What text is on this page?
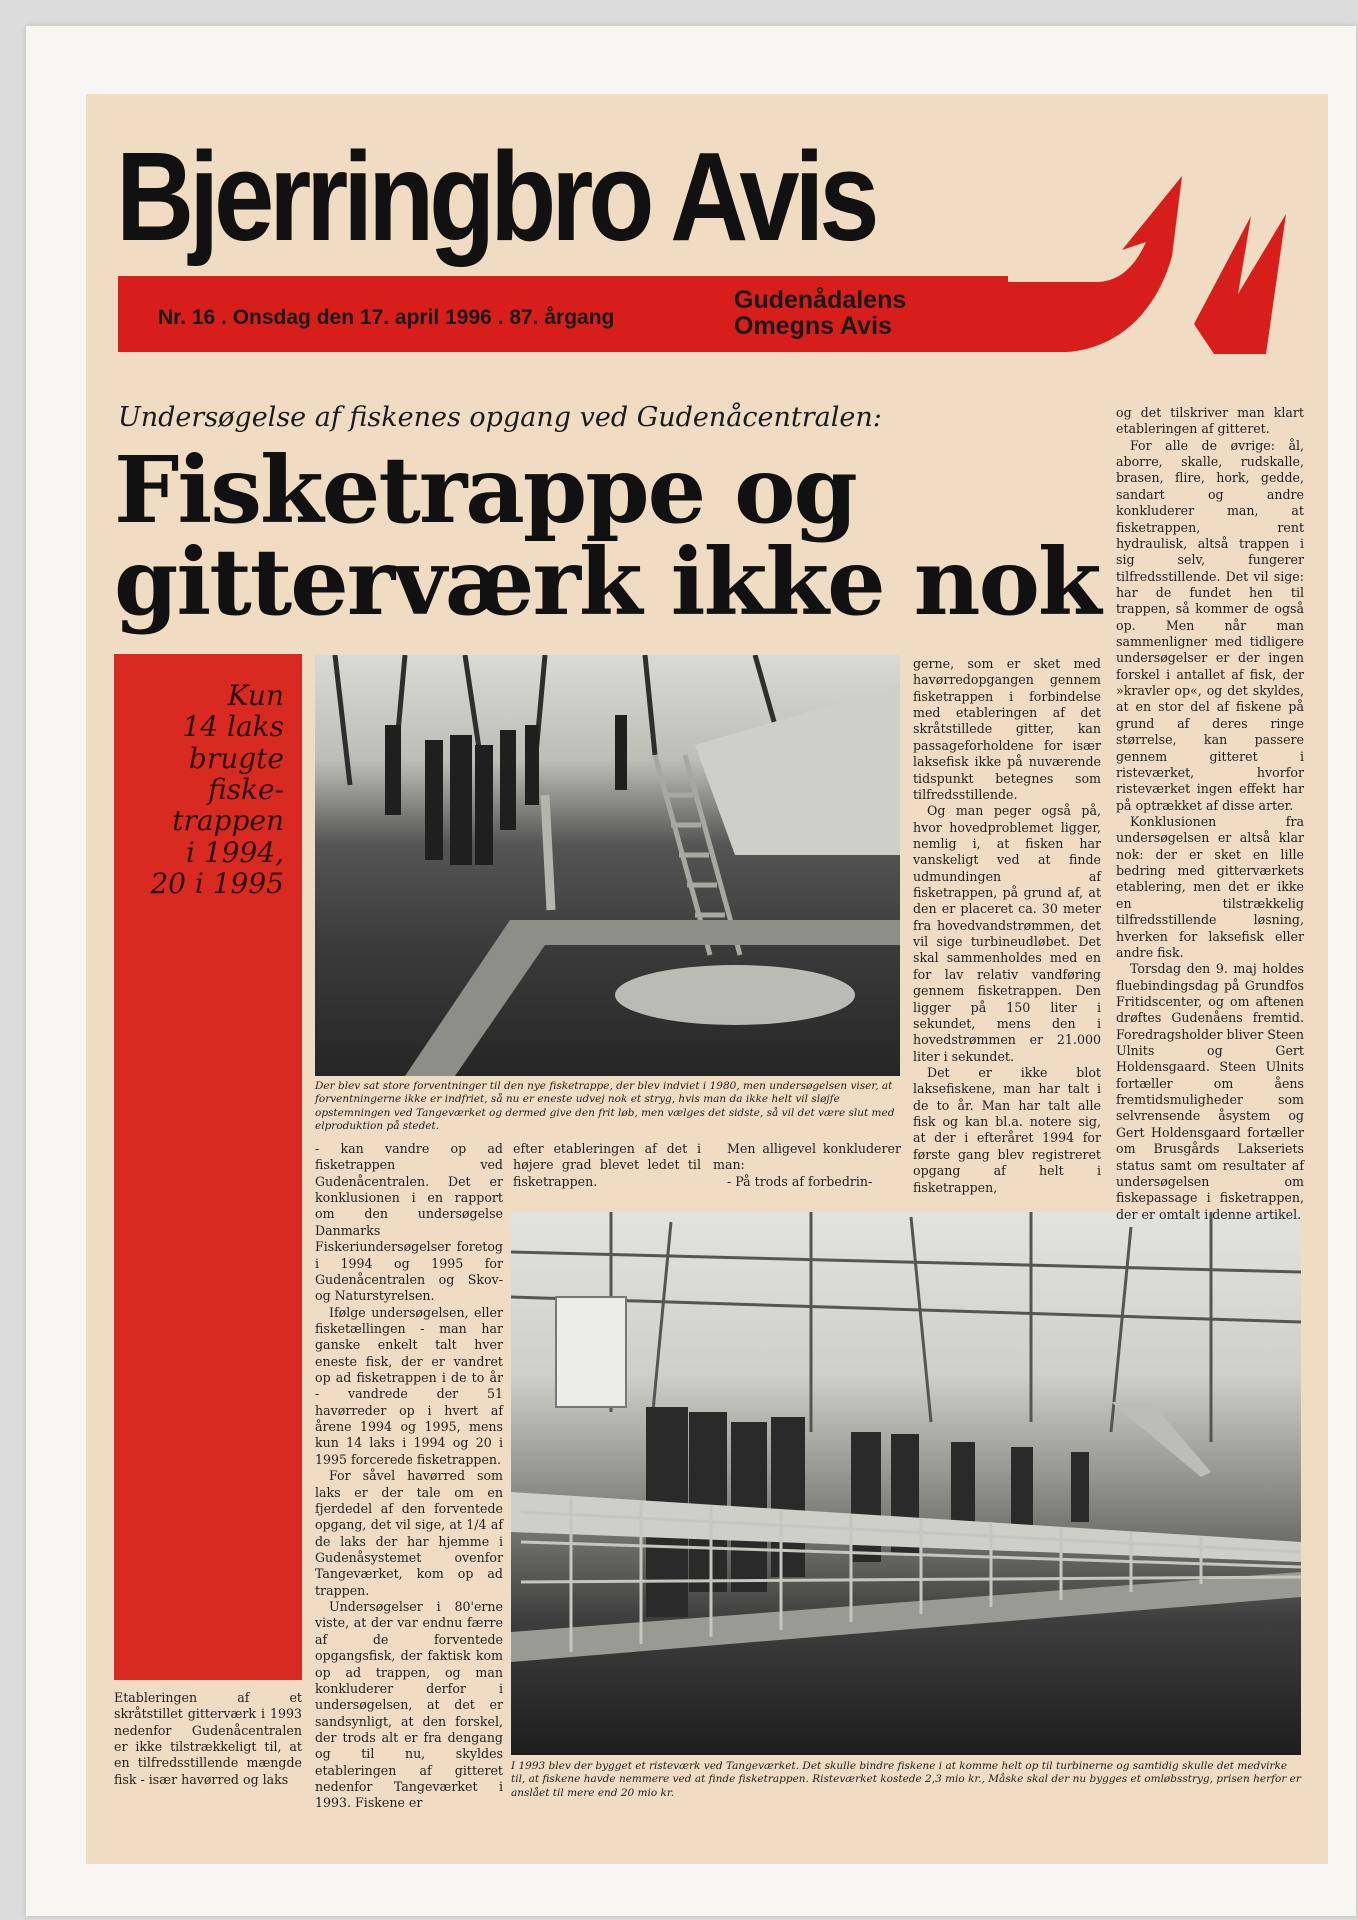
Bjerringbro Avis
Nr. 16 . Onsdag den 17. april 1996 . 87. årgang
Gudenådalens
Omegns Avis
Undersøgelse af fiskenes opgang ved Gudenåcentralen:
Fisketrappe og
gitterværk ikke nok
Kun
14 laks
brugte
fiske-
trappen
i 1994,
20 i 1995
Der blev sat store forventninger til den nye fisketrappe, der blev indviet i 1980, men undersøgelsen viser, at forventningerne ikke er indfriet, så nu er eneste udvej nok et stryg, hvis man da ikke helt vil sløjfe opstemningen ved Tangeværket og dermed give den frit løb, men vælges det sidste, så vil det være slut med elproduktion på stedet.
I 1993 blev der bygget et risteværk ved Tangeværket. Det skulle bindre fiskene i at komme helt op til turbinerne og samtidig skulle det medvirke til, at fiskene havde nemmere ved at finde fisketrappen. Risteværket kostede 2,3 mio kr., Måske skal der nu bygges et omløbsstryg, prisen herfor er anslået til mere end 20 mio kr.

Etableringen af et skråtstillet gitterværk i 1993 nedenfor Gudenåcentralen er ikke tilstrækkeligt til, at en tilfredsstillende mængde fisk - især havørred og laks

- kan vandre op ad fisketrappen ved Gudenåcentralen. Det er konklusionen i en rapport om den undersøgelse Danmarks Fiskeriundersøgelser foretog i 1994 og 1995 for Gudenåcentralen og Skov- og Naturstyrelsen.

Ifølge undersøgelsen, eller fisketællingen - man har ganske enkelt talt hver eneste fisk, der er vandret op ad fisketrappen i de to år - vandrede der 51 havørreder op i hvert af årene 1994 og 1995, mens kun 14 laks i 1994 og 20 i 1995 forcerede fisketrappen.

For såvel havørred som laks er der tale om en fjerdedel af den forventede opgang, det vil sige, at 1/4 af de laks der har hjemme i Gudenåsystemet ovenfor Tangeværket, kom op ad trappen.

Undersøgelser i 80'erne viste, at der var endnu færre af de forventede opgangsfisk, der faktisk kom op ad trappen, og man konkluderer derfor i undersøgelsen, at det er sandsynligt, at den forskel, der trods alt er fra dengang og til nu, skyldes etableringen af gitteret nedenfor Tangeværket i 1993. Fiskene er

efter etableringen af det i højere grad blevet ledet til fisketrappen.

Men alligevel konkluderer man:

- På trods af forbedrin-

gerne, som er sket med havørredopgangen gennem fisketrappen i forbindelse med etableringen af det skråtstillede gitter, kan passageforholdene for især laksefisk ikke på nuværende tidspunkt betegnes som tilfredsstillende.

Og man peger også på, hvor hovedproblemet ligger, nemlig i, at fisken har vanskeligt ved at finde udmundingen af fisketrappen, på grund af, at den er placeret ca. 30 meter fra hovedvandstrømmen, det vil sige turbineudløbet. Det skal sammenholdes med en for lav relativ vandføring gennem fisketrappen. Den ligger på 150 liter i sekundet, mens den i hovedstrømmen er 21.000 liter i sekundet.

Det er ikke blot laksefiskene, man har talt i de to år. Man har talt alle fisk og kan bl.a. notere sig, at der i efteråret 1994 for første gang blev registreret opgang af helt i fisketrappen,

og det tilskriver man klart etableringen af gitteret.

For alle de øvrige: ål, aborre, skalle, rudskalle, brasen, flire, hork, gedde, sandart og andre konkluderer man, at fisketrappen, rent hydraulisk, altså trappen i sig selv, fungerer tilfredsstillende. Det vil sige: har de fundet hen til trappen, så kommer de også op. Men når man sammenligner med tidligere undersøgelser er der ingen forskel i antallet af fisk, der »kravler op«, og det skyldes, at en stor del af fiskene på grund af deres ringe størrelse, kan passere gennem gitteret i risteværket, hvorfor risteværket ingen effekt har på optrækket af disse arter.

Konklusionen fra undersøgelsen er altså klar nok: der er sket en lille bedring med gitterværkets etablering, men det er ikke en tilstrækkelig tilfredsstillende løsning, hverken for laksefisk eller andre fisk.

Torsdag den 9. maj holdes fluebindingsdag på Grundfos Fritidscenter, og om aftenen drøftes Gudenåens fremtid. Foredragsholder bliver Steen Ulnits og Gert Holdensgaard. Steen Ulnits fortæller om åens fremtidsmuligheder som selvrensende åsystem og Gert Holdensgaard fortæller om Brusgårds Lakseriets status samt om resultater af undersøgelsen om fiskepassage i fisketrappen, der er omtalt i denne artikel.
